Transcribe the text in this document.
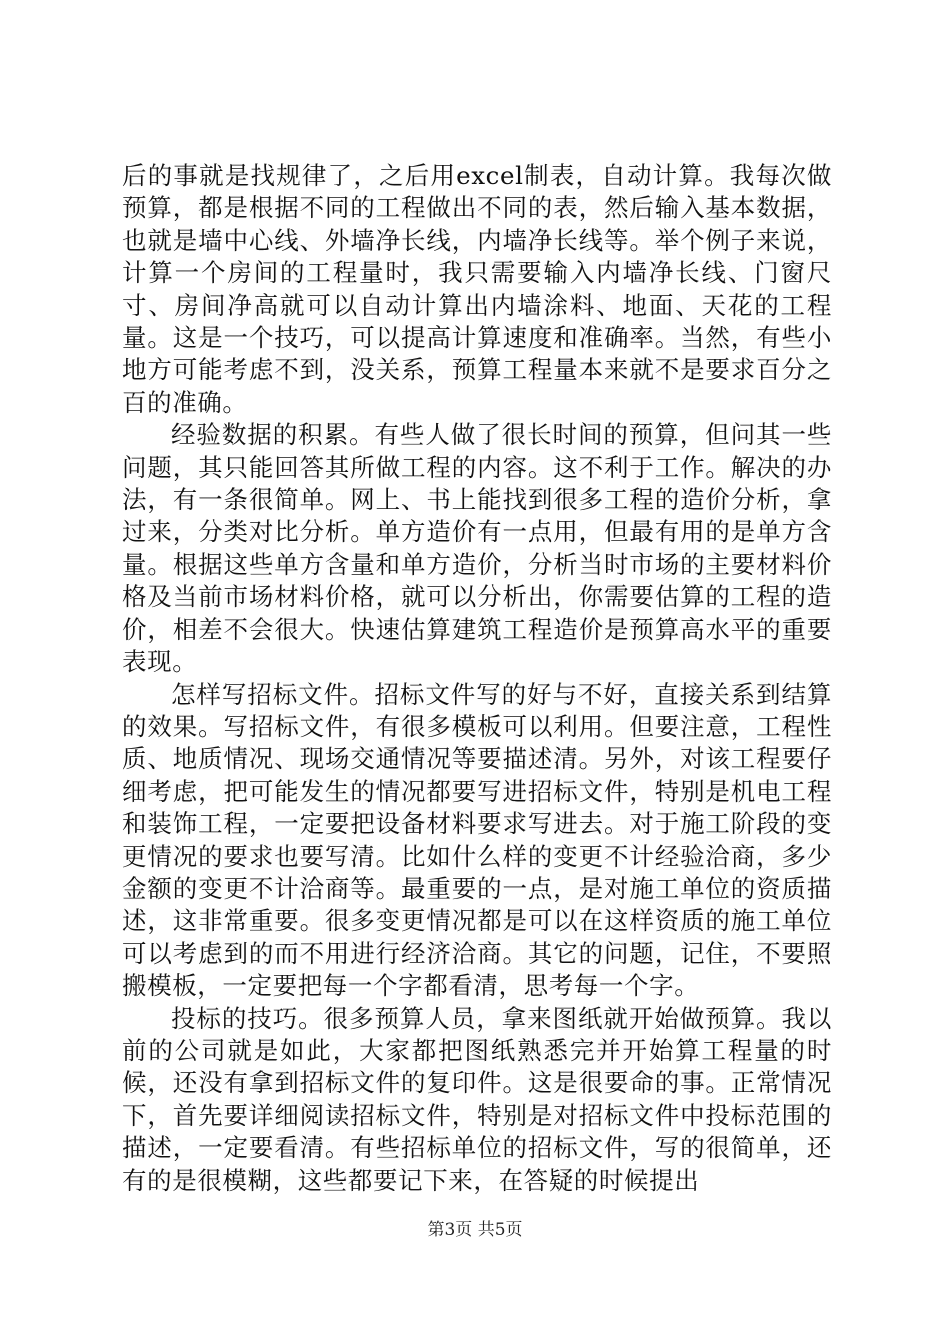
后的事就是找规律了，之后用excel制表，自动计算。我每次做预算，都是根据不同的工程做出不同的表，然后输入基本数据，也就是墙中心线、外墙净长线，内墙净长线等。举个例子来说，计算一个房间的工程量时，我只需要输入内墙净长线、门窗尺寸、房间净高就可以自动计算出内墙涂料、地面、天花的工程量。这是一个技巧，可以提高计算速度和准确率。当然，有些小地方可能考虑不到，没关系，预算工程量本来就不是要求百分之百的准确。

经验数据的积累。有些人做了很长时间的预算，但问其一些问题，其只能回答其所做工程的内容。这不利于工作。解决的办法，有一条很简单。网上、书上能找到很多工程的造价分析，拿过来，分类对比分析。单方造价有一点用，但最有用的是单方含量。根据这些单方含量和单方造价，分析当时市场的主要材料价格及当前市场材料价格，就可以分析出，你需要估算的工程的造价，相差不会很大。快速估算建筑工程造价是预算高水平的重要表现。

怎样写招标文件。招标文件写的好与不好，直接关系到结算的效果。写招标文件，有很多模板可以利用。但要注意，工程性质、地质情况、现场交通情况等要描述清。另外，对该工程要仔细考虑，把可能发生的情况都要写进招标文件，特别是机电工程和装饰工程，一定要把设备材料要求写进去。对于施工阶段的变更情况的要求也要写清。比如什么样的变更不计经验洽商，多少金额的变更不计洽商等。最重要的一点，是对施工单位的资质描述，这非常重要。很多变更情况都是可以在这样资质的施工单位可以考虑到的而不用进行经济洽商。其它的问题，记住，不要照搬模板，一定要把每一个字都看清，思考每一个字。

投标的技巧。很多预算人员，拿来图纸就开始做预算。我以前的公司就是如此，大家都把图纸熟悉完并开始算工程量的时候，还没有拿到招标文件的复印件。这是很要命的事。正常情况下，首先要详细阅读招标文件，特别是对招标文件中投标范围的描述，一定要看清。有些招标单位的招标文件，写的很简单，还有的是很模糊，这些都要记下来，在答疑的时候提出

第3页 共5页
